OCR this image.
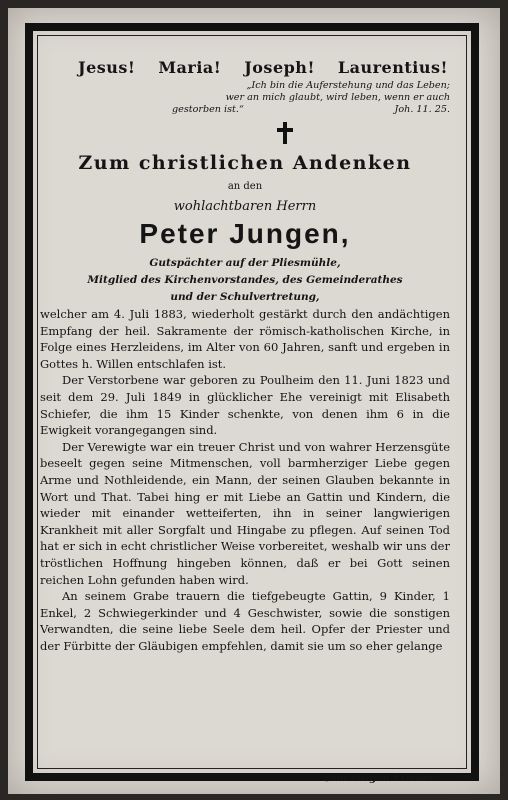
Jesus! Maria! Joseph! Laurentius!
„Ich bin die Auferstehung und das Leben;
wer an mich glaubt, wird leben, wenn er auch
gestorben ist.“	Joh. 11. 25.
Zum christlichen Andenken
an den
wohlachtbaren Herrn
Peter Jungen,
Gutspächter auf der Pliesmühle,
Mitglied des Kirchenvorstandes, des Gemeinderathes
und der Schulvertretung,

welcher am 4. Juli 1883, wiederholt gestärkt durch den andächtigen Empfang der heil. Sakramente der römisch-katholischen Kirche, in Folge eines Herzleidens, im Alter von 60 Jahren, sanft und ergeben in Gottes h. Willen entschlafen ist.

Der Verstorbene war geboren zu Poulheim den 11. Juni 1823 und seit dem 29. Juli 1849 in glücklicher Ehe vereinigt mit Elisabeth Schiefer, die ihm 15 Kinder schenkte, von denen ihm 6 in die Ewigkeit vorangegangen sind.

Der Verewigte war ein treuer Christ und von wahrer Herzensgüte beseelt gegen seine Mitmenschen, voll barmherziger Liebe gegen Arme und Nothleidende, ein Mann, der seinen Glauben bekannte in Wort und That. Tabei hing er mit Liebe an Gattin und Kindern, die wieder mit einander wetteiferten, ihn in seiner langwierigen Krankheit mit aller Sorgfalt und Hingabe zu pflegen. Auf seinen Tod hat er sich in echt christlicher Weise vorbereitet, weshalb wir uns der tröstlichen Hoffnung hingeben können, daß er bei Gott seinen reichen Lohn gefunden haben wird.

An seinem Grabe trauern die tiefgebeugte Gattin, 9 Kinder, 1 Enkel, 2 Schwiegerkinder und 4 Geschwister, sowie die sonstigen Verwandten, die seine liebe Seele dem heil. Opfer der Priester und der Fürbitte der Gläubigen empfehlen, damit sie um so eher gelange

zum ewigen Frieden.
